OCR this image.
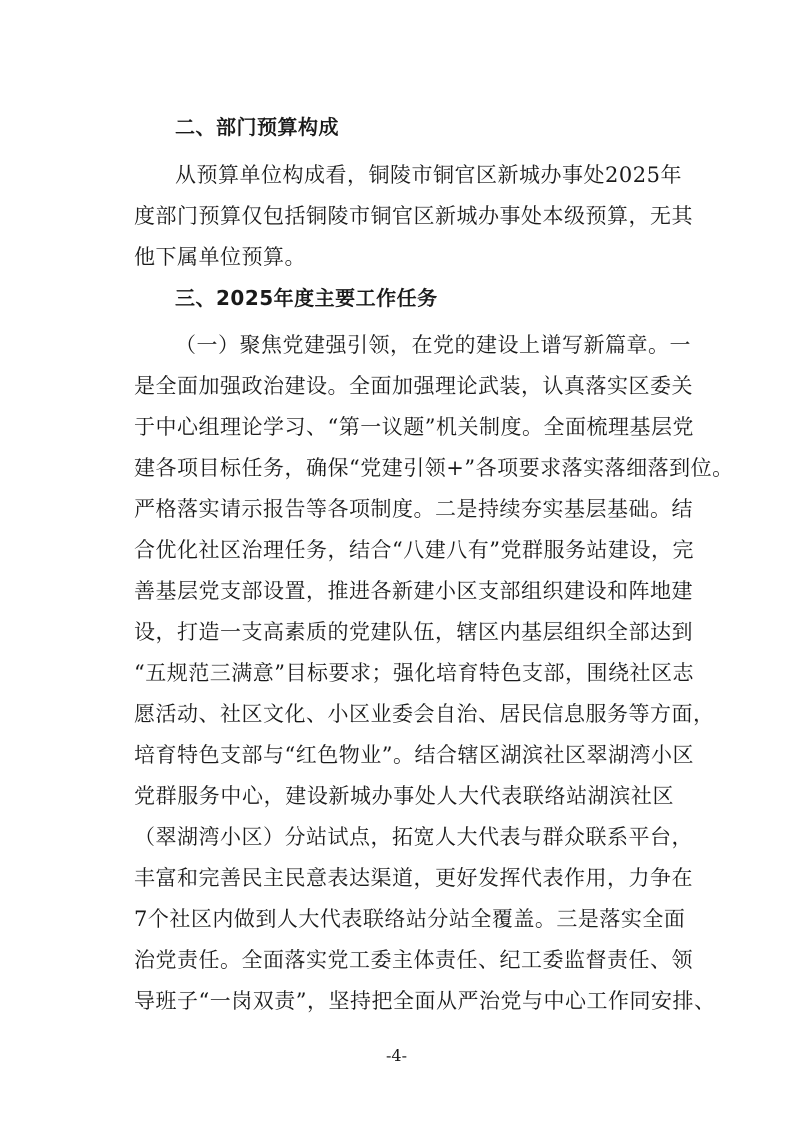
二、部门预算构成
从预算单位构成看，铜陵市铜官区新城办事处2025年
度部门预算仅包括铜陵市铜官区新城办事处本级预算，无其
他下属单位预算。
三、2025年度主要工作任务
（一）聚焦党建强引领，在党的建设上谱写新篇章。一
是全面加强政治建设。全面加强理论武装，认真落实区委关
于中心组理论学习、“第一议题”机关制度。全面梳理基层党
建各项目标任务，确保“党建引领+”各项要求落实落细落到位。
严格落实请示报告等各项制度。二是持续夯实基层基础。结
合优化社区治理任务，结合“八建八有”党群服务站建设，完
善基层党支部设置，推进各新建小区支部组织建设和阵地建
设，打造一支高素质的党建队伍，辖区内基层组织全部达到
“五规范三满意”目标要求；强化培育特色支部，围绕社区志
愿活动、社区文化、小区业委会自治、居民信息服务等方面，
培育特色支部与“红色物业”。结合辖区湖滨社区翠湖湾小区
党群服务中心，建设新城办事处人大代表联络站湖滨社区
（翠湖湾小区）分站试点，拓宽人大代表与群众联系平台，
丰富和完善民主民意表达渠道，更好发挥代表作用，力争在
7个社区内做到人大代表联络站分站全覆盖。三是落实全面
治党责任。全面落实党工委主体责任、纪工委监督责任、领
导班子“一岗双责”，坚持把全面从严治党与中心工作同安排、
-4-
